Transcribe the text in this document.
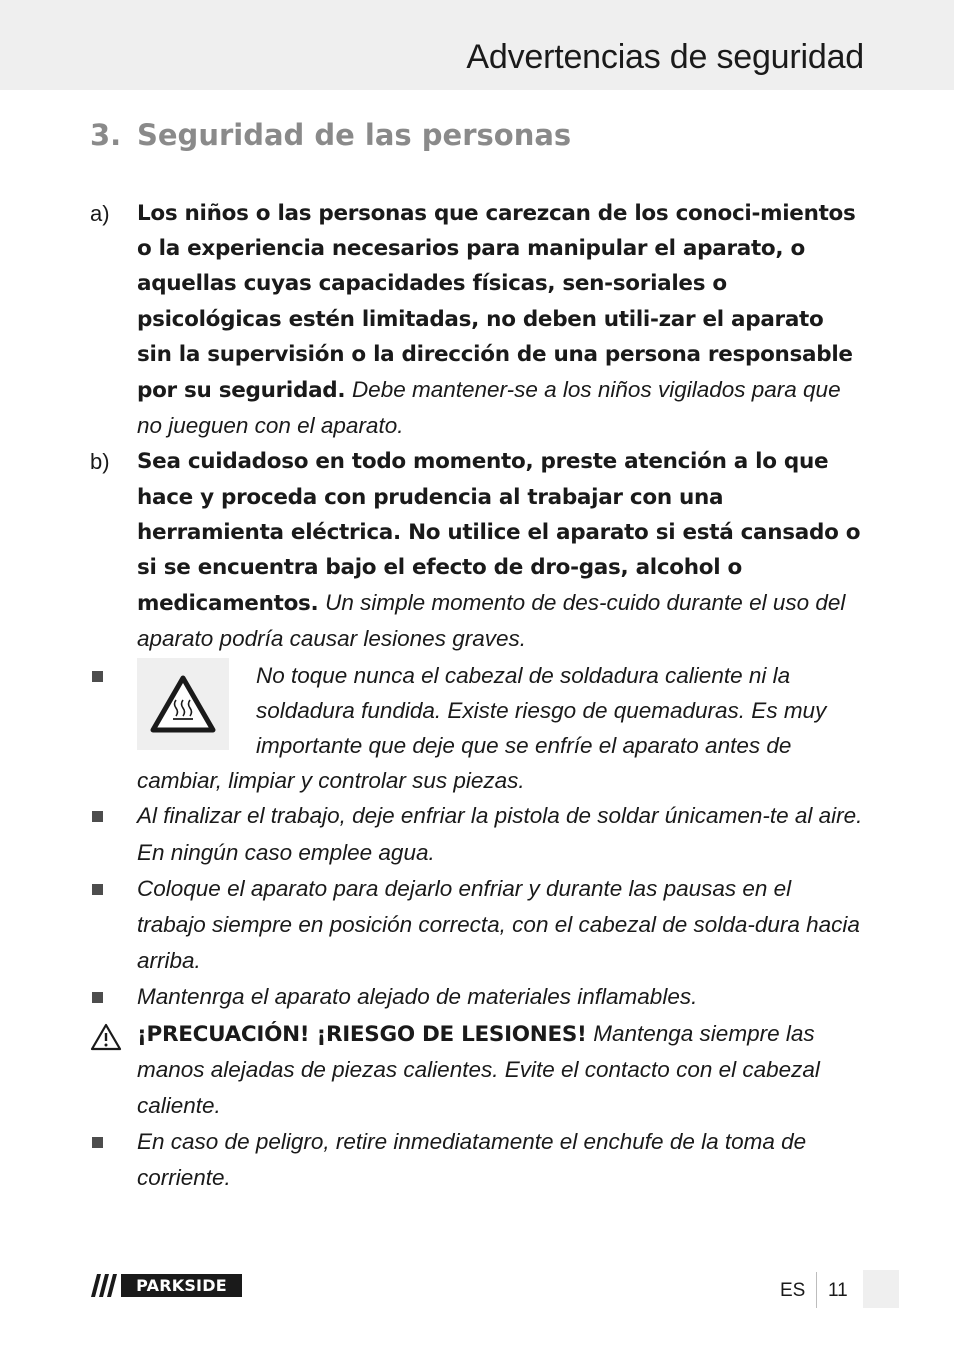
Advertencias de seguridad
3. Seguridad de las personas
a) Los niños o las personas que carezcan de los conoci-mientos o la experiencia necesarios para manipular el aparato, o aquellas cuyas capacidades físicas, sen-soriales o psicológicas estén limitadas, no deben utili-zar el aparato sin la supervisión o la dirección de una persona responsable por su seguridad. Debe mantener-se a los niños vigilados para que no jueguen con el aparato.
b) Sea cuidadoso en todo momento, preste atención a lo que hace y proceda con prudencia al trabajar con una herramienta eléctrica. No utilice el aparato si está cansado o si se encuentra bajo el efecto de dro-gas, alcohol o medicamentos. Un simple momento de des-cuido durante el uso del aparato podría causar lesiones graves.
No toque nunca el cabezal de soldadura caliente ni la soldadura fundida. Existe riesgo de quemaduras. Es muy importante que deje que se enfríe el aparato antes de cambiar, limpiar y controlar sus piezas.
Al finalizar el trabajo, deje enfriar la pistola de soldar únicamen-te al aire. En ningún caso emplee agua.
Coloque el aparato para dejarlo enfriar y durante las pausas en el trabajo siempre en posición correcta, con el cabezal de solda-dura hacia arriba.
Mantenrga el aparato alejado de materiales inflamables.
¡PRECUACIÓN! ¡RIESGO DE LESIONES! Mantenga siempre las manos alejadas de piezas calientes. Evite el contacto con el cabezal caliente.
En caso de peligro, retire inmediatamente el enchufe de la toma de corriente.
PARKSIDE	ES 11
